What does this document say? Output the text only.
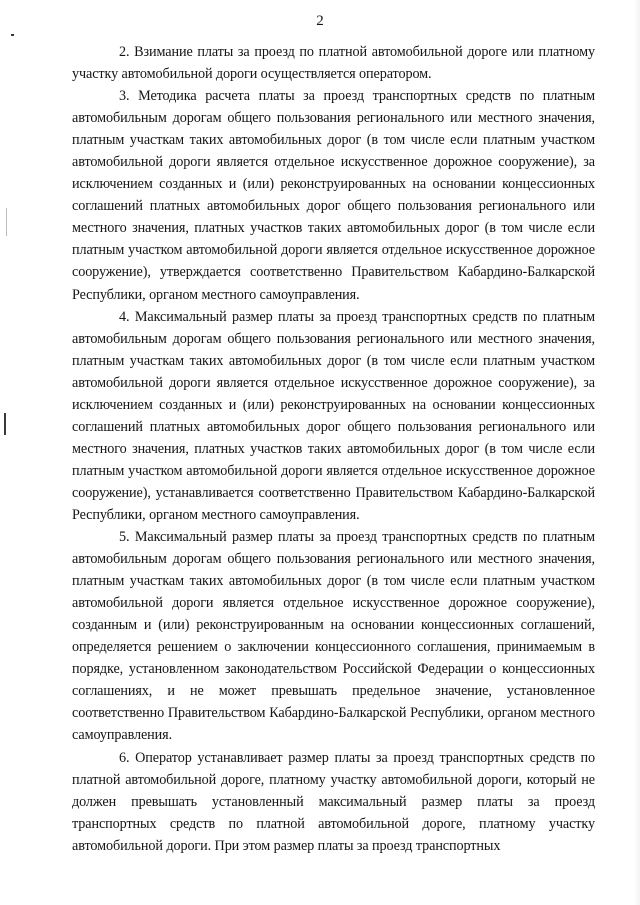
2

2. Взимание платы за проезд по платной автомобильной дороге или платному участку автомобильной дороги осуществляется оператором.

3. Методика расчета платы за проезд транспортных средств по платным автомобильным дорогам общего пользования регионального или местного значения, платным участкам таких автомобильных дорог (в том числе если платным участком автомобильной дороги является отдельное искусственное дорожное сооружение), за исключением созданных и (или) реконструированных на основании концессионных соглашений платных автомобильных дорог общего пользования регионального или местного значения, платных участков таких автомобильных дорог (в том числе если платным участком автомобильной дороги является отдельное искусственное дорожное сооружение), утверждается соответственно Правительством Кабардино-Балкарской Республики, органом местного самоуправления.

4. Максимальный размер платы за проезд транспортных средств по платным автомобильным дорогам общего пользования регионального или местного значения, платным участкам таких автомобильных дорог (в том числе если платным участком автомобильной дороги является отдельное искусственное дорожное сооружение), за исключением созданных и (или) реконструированных на основании концессионных соглашений платных автомобильных дорог общего пользования регионального или местного значения, платных участков таких автомобильных дорог (в том числе если платным участком автомобильной дороги является отдельное искусственное дорожное сооружение), устанавливается соответственно Правительством Кабардино-Балкарской Республики, органом местного самоуправления.

5. Максимальный размер платы за проезд транспортных средств по платным автомобильным дорогам общего пользования регионального или местного значения, платным участкам таких автомобильных дорог (в том числе если платным участком автомобильной дороги является отдельное искусственное дорожное сооружение), созданным и (или) реконструированным на основании концессионных соглашений, определяется решением о заключении концессионного соглашения, принимаемым в порядке, установленном законодательством Российской Федерации о концессионных соглашениях, и не может превышать предельное значение, установленное соответственно Правительством Кабардино-Балкарской Республики, органом местного самоуправления.

6. Оператор устанавливает размер платы за проезд транспортных средств по платной автомобильной дороге, платному участку автомобильной дороги, который не должен превышать установленный максимальный размер платы за проезд транспортных средств по платной автомобильной дороге, платному участку автомобильной дороги. При этом размер платы за проезд транспортных
